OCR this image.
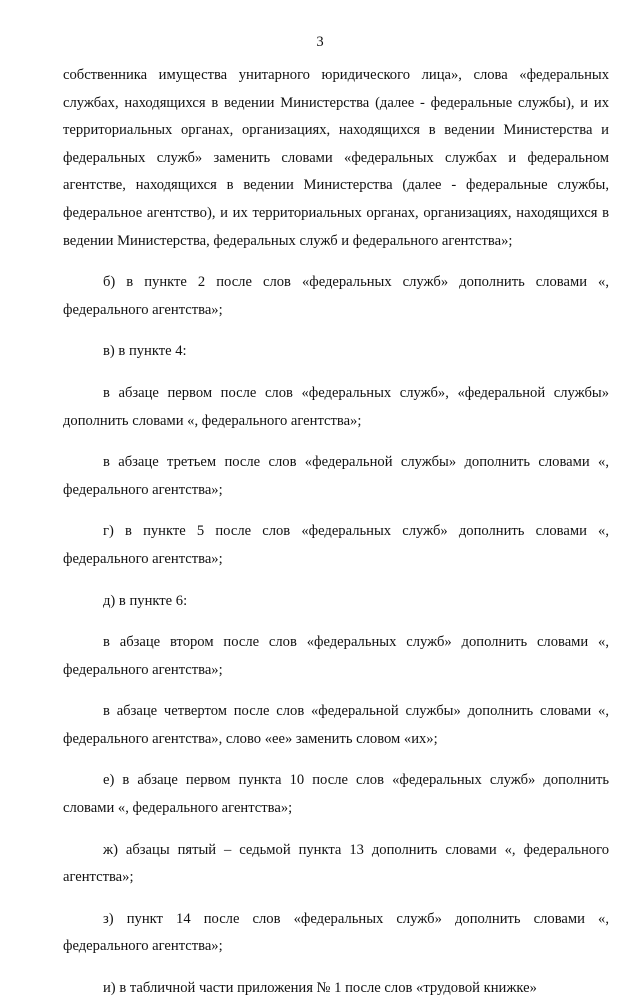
3

собственника имущества унитарного юридического лица», слова «федеральных службах, находящихся в ведении Министерства (далее - федеральные службы), и их территориальных органах, организациях, находящихся в ведении Министерства и федеральных служб» заменить словами «федеральных службах и федеральном агентстве, находящихся в ведении Министерства (далее - федеральные службы, федеральное агентство), и их территориальных органах, организациях, находящихся в ведении Министерства, федеральных служб и федерального агентства»;

б) в пункте 2 после слов «федеральных служб» дополнить словами «, федерального агентства»;

в) в пункте 4:

в абзаце первом после слов «федеральных служб», «федеральной службы» дополнить словами «, федерального агентства»;

в абзаце третьем после слов «федеральной службы» дополнить словами «, федерального агентства»;

г) в пункте 5 после слов «федеральных служб» дополнить словами «, федерального агентства»;

д) в пункте 6:

в абзаце втором после слов «федеральных служб» дополнить словами «, федерального агентства»;

в абзаце четвертом после слов «федеральной службы» дополнить словами «, федерального агентства», слово «ее» заменить словом «их»;

е) в абзаце первом пункта 10 после слов «федеральных служб» дополнить словами «, федерального агентства»;

ж) абзацы пятый – седьмой пункта 13 дополнить словами «, федерального агентства»;

з) пункт 14 после слов «федеральных служб» дополнить словами «, федерального агентства»;

и) в табличной части приложения № 1 после слов «трудовой книжке»
